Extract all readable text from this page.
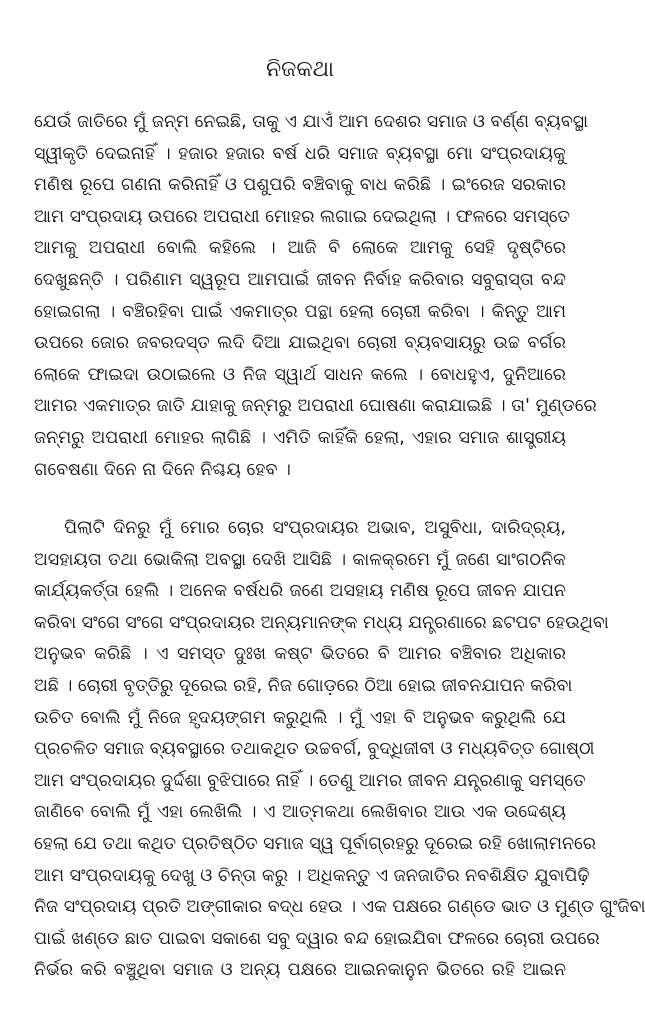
ନିଜକଥା
ଯେଉଁ ଜାତିରେ ମୁଁ ଜନ୍ମ ନେଇଛି, ତାକୁ ଏ ଯାଏଁ ଆମ ଦେଶର ସମାଜ ଓ ବର୍ଣ୍ଣ ବ୍ୟବସ୍ଥା
ସ୍ୱୀକୃତି ଦେଇନାହିଁ । ହଜାର ହଜାର ବର୍ଷ ଧରି ସମାଜ ବ୍ୟବସ୍ଥା ମୋ ସଂପ୍ରଦାୟକୁ
ମଣିଷ ରୂପେ ଗଣନା କରିନାହିଁ ଓ ପଶୁପରି ବଞ୍ଚିବାକୁ ବାଧ କରିଛି । ଇଂରେଜ ସରକାର
ଆମ ସଂପ୍ରଦାୟ ଉପରେ ଅପରାଧୀ ମୋହର ଲଗାଇ ଦେଇଥିଲା । ଫଳରେ ସମସ୍ତେ
ଆମକୁ ଅପରାଧୀ ବୋଲି କହିଲେ । ଆଜି ବି ଲୋକେ ଆମକୁ ସେହି ଦୃଷ୍ଟିରେ
ଦେଖୁଛନ୍ତି । ପରିଣାମ ସ୍ୱରୂପ ଆମପାଇଁ ଜୀବନ ନିର୍ବାହ କରିବାର ସବୁରାସ୍ତା ବନ୍ଦ
ହୋଇଗଲା । ବଞ୍ଚିରହିବା ପାଇଁ ଏକମାତ୍ର ପନ୍ଥା ହେଲା ଚୋରୀ କରିବା । କିନ୍ତୁ ଆମ
ଉପରେ ଜୋର ଜବରଦସ୍ତ ଲଦି ଦିଆ ଯାଇଥିବା ଚୋରୀ ବ୍ୟବସାୟରୁ ଉଚ୍ଚ ବର୍ଗର
ଲୋକେ ଫାଇଦା ଉଠାଇଲେ ଓ ନିଜ ସ୍ୱାର୍ଥ ସାଧନ କଲେ । ବୋଧହୁଏ, ଦୁନିଆରେ
ଆମର ଏକମାତ୍ର ଜାତି ଯାହାକୁ ଜନ୍ମରୁ ଅପରାଧୀ ଘୋଷଣା କରାଯାଇଛି । ତା' ମୁଣ୍ଡରେ
ଜନ୍ମରୁ ଅପରାଧୀ ମୋହର ଲାଗିଛି । ଏମିତି କାହିଁକି ହେଲା, ଏହାର ସମାଜ ଶାସ୍ତ୍ରୀୟ
ଗବେଷଣା ଦିନେ ନା ଦିନେ ନିଶ୍ଚୟ ହେବ ।
ପିଲାଟି ଦିନରୁ ମୁଁ ମୋର ଚୋର ସଂପ୍ରଦାୟର ଅଭାବ, ଅସୁବିଧା, ଦାରିଦ୍ର୍ୟ,
ଅସହାୟତା ତଥା ଭୋକିଲା ଅବସ୍ଥା ଦେଖି ଆସିଛି । କାଳକ୍ରମେ ମୁଁ ଜଣେ ସାଂଗଠନିକ
କାର୍ଯ୍ୟକର୍ତ୍ତା ହେଲି । ଅନେକ ବର୍ଷଧରି ଜଣେ ଅସହାୟ ମଣିଷ ରୂପେ ଜୀବନ ଯାପନ
କରିବା ସଂଗେ ସଂଗେ ସଂପ୍ରଦାୟର ଅନ୍ୟମାନଙ୍କ ମଧ୍ୟ ଯନ୍ତ୍ରଣାରେ ଛଟପଟ ହେଉଥିବା
ଅନୁଭବ କରିଛି । ଏ ସମସ୍ତ ଦୁଃଖ କଷ୍ଟ ଭିତରେ ବି ଆମର ବଞ୍ଚିବାର ଅଧିକାର
ଅଛି । ଚୋରୀ ବୃତ୍ତିରୁ ଦୂରେଇ ରହି, ନିଜ ଗୋଡ଼ରେ ଠିଆ ହୋଇ ଜୀବନଯାପନ କରିବା
ଉଚିତ ବୋଲି ମୁଁ ନିଜେ ହୃଦୟଙ୍ଗମ କରୁଥିଲି । ମୁଁ ଏହା ବି ଅନୁଭବ କରୁଥିଲି ଯେ
ପ୍ରଚଳିତ ସମାଜ ବ୍ୟବସ୍ଥାରେ ତଥାକଥିତ ଉଚ୍ଚବର୍ଗ, ବୁଦ୍ଧିଜୀବୀ ଓ ମଧ୍ୟବିତ୍ତ ଗୋଷ୍ଠୀ
ଆମ ସଂପ୍ରଦାୟର ଦୁର୍ଦ୍ଦଶା ବୁଝିପାରେ ନାହିଁ । ତେଣୁ ଆମର ଜୀବନ ଯନ୍ତ୍ରଣାକୁ ସମସ୍ତେ
ଜାଣିବେ ବୋଲି ମୁଁ ଏହା ଲେଖିଲି । ଏ ଆତ୍ମକଥା ଲେଖିବାର ଆଉ ଏକ ଉଦ୍ଦେଶ୍ୟ
ହେଲା ଯେ ତଥା କଥିତ ପ୍ରତିଷ୍ଠିତ ସମାଜ ସ୍ୱ ପୂର୍ବାଗ୍ରହରୁ ଦୂରେଇ ରହି ଖୋଲାମନରେ
ଆମ ସଂପ୍ରଦାୟକୁ ଦେଖୁ ଓ ଚିନ୍ତା କରୁ । ଅଧିକନ୍ତୁ ଏ ଜନଜାତିର ନବଶିକ୍ଷିତ ଯୁବାପିଢ଼ି
ନିଜ ସଂପ୍ରଦାୟ ପ୍ରତି ଅଙ୍ଗୀକାର ବଦ୍ଧ ହେଉ । ଏକ ପକ୍ଷରେ ଗଣ୍ଡେ ଭାତ ଓ ମୁଣ୍ଡ ଗୁଂଜିବା
ପାଇଁ ଖଣ୍ଡେ ଛାତ ପାଇବା ସକାଶେ ସବୁ ଦ୍ୱାର ବନ୍ଦ ହୋଇଯିବା ଫଳରେ ଚୋରୀ ଉପରେ
ନିର୍ଭର କରି ବଞ୍ଚୁଥିବା ସମାଜ ଓ ଅନ୍ୟ ପକ୍ଷରେ ଆଇନକାନୁନ ଭିତରେ ରହି ଆଇନ
